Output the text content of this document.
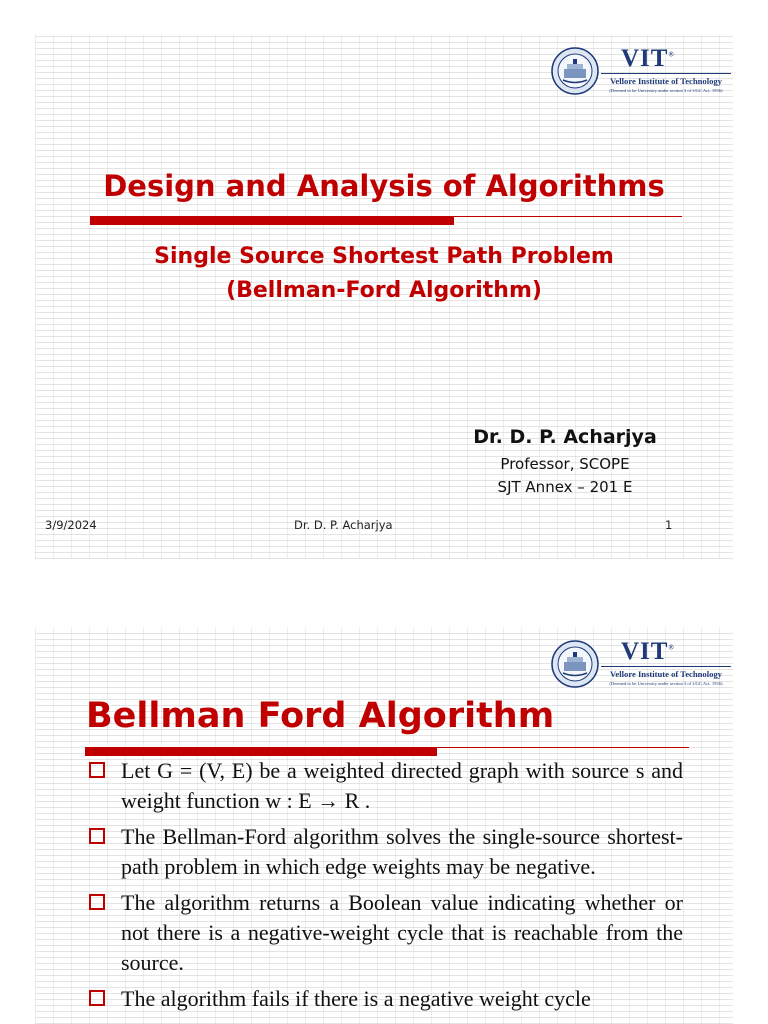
VIT®
Vellore Institute of Technology
(Deemed to be University under section 3 of UGC Act, 1956)
Design and Analysis of Algorithms
Single Source Shortest Path Problem
(Bellman-Ford Algorithm)
Dr. D. P. Acharjya
Professor, SCOPE
SJT Annex – 201 E
3/9/2024	Dr. D. P. Acharjya	1
VIT®
Vellore Institute of Technology
(Deemed to be University under section 3 of UGC Act, 1956)
Bellman Ford Algorithm
Let G = (V, E) be a weighted directed graph with source s and weight function w : E → R .
The Bellman-Ford algorithm solves the single-source shortest-path problem in which edge weights may be negative.
The algorithm returns a Boolean value indicating whether or not there is a negative-weight cycle that is reachable from the source.
The algorithm fails if there is a negative weight cycle
